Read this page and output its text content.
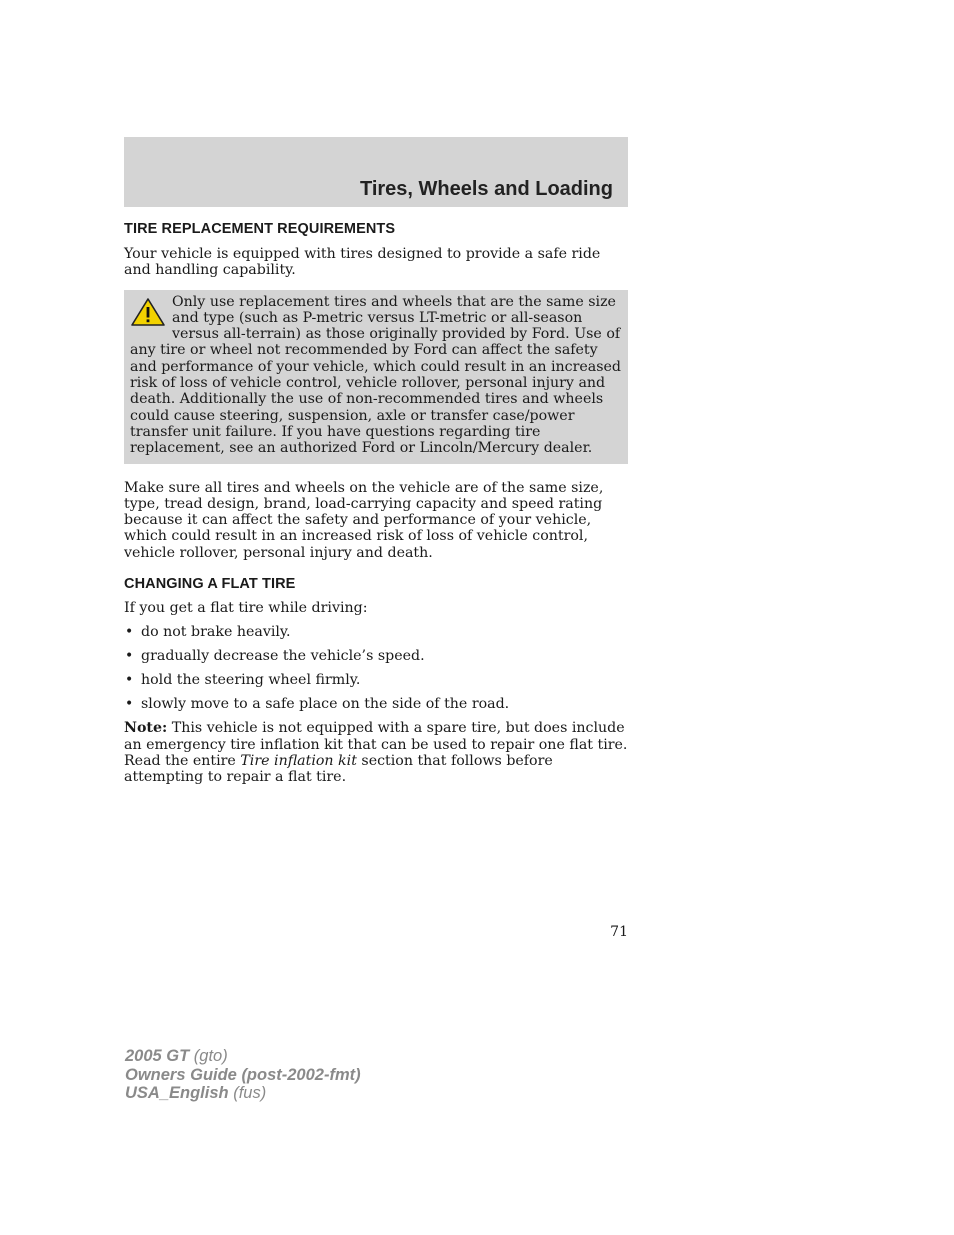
Tires, Wheels and Loading
TIRE REPLACEMENT REQUIREMENTS

Your vehicle is equipped with tires designed to provide a safe ride and handling capability.

Only use replacement tires and wheels that are the same size and type (such as P-metric versus LT-metric or all-season versus all-terrain) as those originally provided by Ford. Use of any tire or wheel not recommended by Ford can affect the safety and performance of your vehicle, which could result in an increased risk of loss of vehicle control, vehicle rollover, personal injury and death. Additionally the use of non-recommended tires and wheels could cause steering, suspension, axle or transfer case/power transfer unit failure. If you have questions regarding tire replacement, see an authorized Ford or Lincoln/Mercury dealer.

Make sure all tires and wheels on the vehicle are of the same size, type, tread design, brand, load-carrying capacity and speed rating because it can affect the safety and performance of your vehicle, which could result in an increased risk of loss of vehicle control, vehicle rollover, personal injury and death.

CHANGING A FLAT TIRE

If you get a flat tire while driving:

• do not brake heavily.
• gradually decrease the vehicle’s speed.
• hold the steering wheel firmly.
• slowly move to a safe place on the side of the road.

Note: This vehicle is not equipped with a spare tire, but does include an emergency tire inflation kit that can be used to repair one flat tire. Read the entire Tire inflation kit section that follows before attempting to repair a flat tire.

71
2005 GT (gto)
Owners Guide (post-2002-fmt)
USA_English (fus)
